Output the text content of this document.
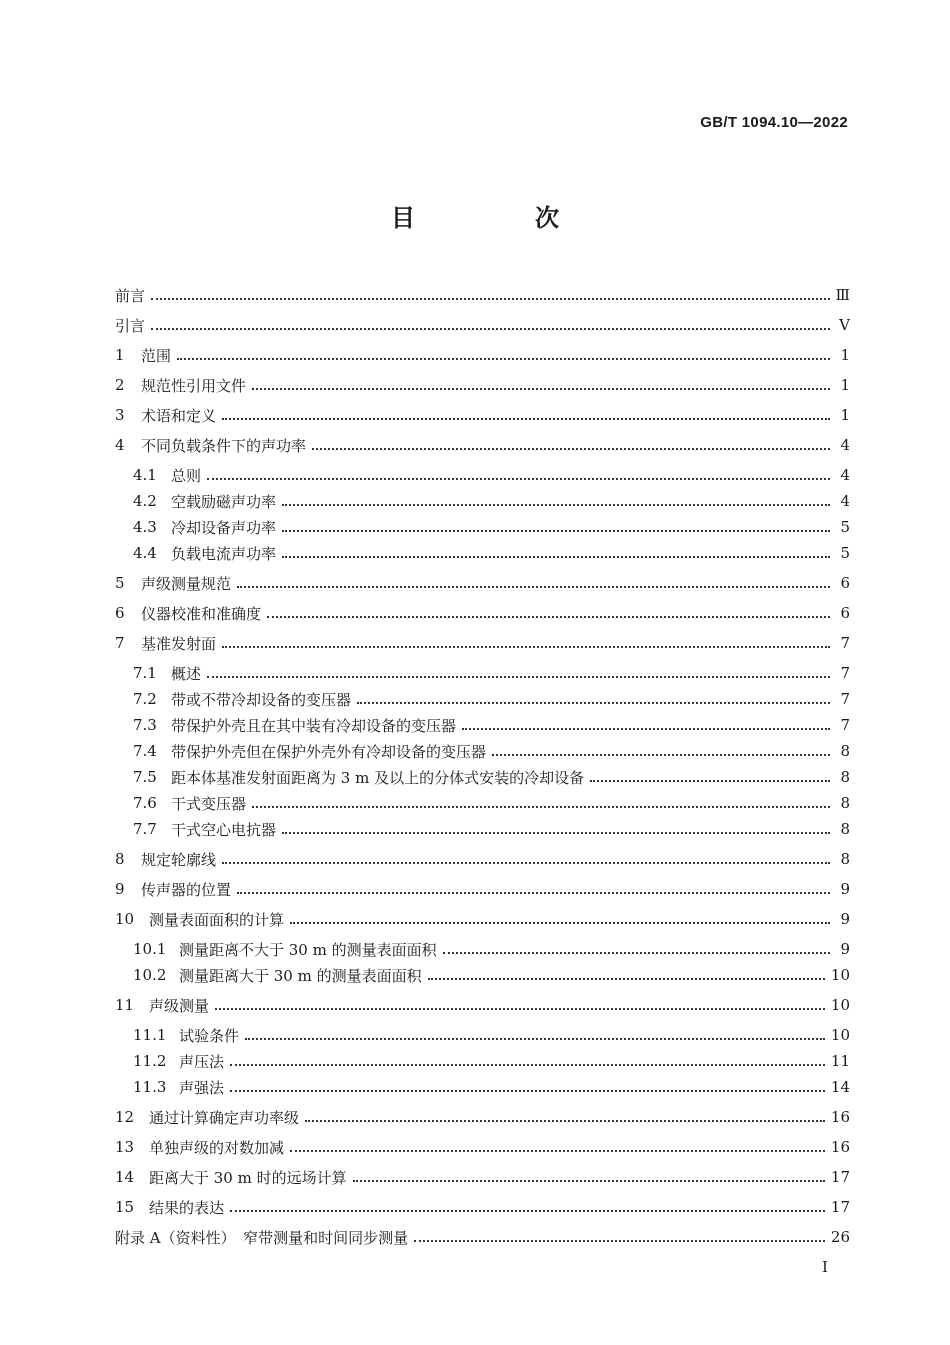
GB/T 1094.10—2022
目　次
前言	Ⅲ
引言	Ⅴ
1	范围	1
2	规范性引用文件	1
3	术语和定义	1
4	不同负载条件下的声功率	4
4.1 总则	4
4.2 空载励磁声功率	4
4.3 冷却设备声功率	5
4.4 负载电流声功率	5
5	声级测量规范	6
6	仪器校准和准确度	6
7	基准发射面	7
7.1 概述	7
7.2 带或不带冷却设备的变压器	7
7.3 带保护外壳且在其中装有冷却设备的变压器	7
7.4 带保护外壳但在保护外壳外有冷却设备的变压器	8
7.5 距本体基准发射面距离为 3 m 及以上的分体式安装的冷却设备	8
7.6 干式变压器	8
7.7 干式空心电抗器	8
8	规定轮廓线	8
9	传声器的位置	9
10 测量表面面积的计算	9
10.1 测量距离不大于 30 m 的测量表面面积	9
10.2 测量距离大于 30 m 的测量表面面积	10
11 声级测量	10
11.1 试验条件	10
11.2 声压法	11
11.3 声强法	14
12 通过计算确定声功率级	16
13 单独声级的对数加减	16
14 距离大于 30 m 时的远场计算	17
15 结果的表达	17
附录 A（资料性）　窄带测量和时间同步测量	26
I
